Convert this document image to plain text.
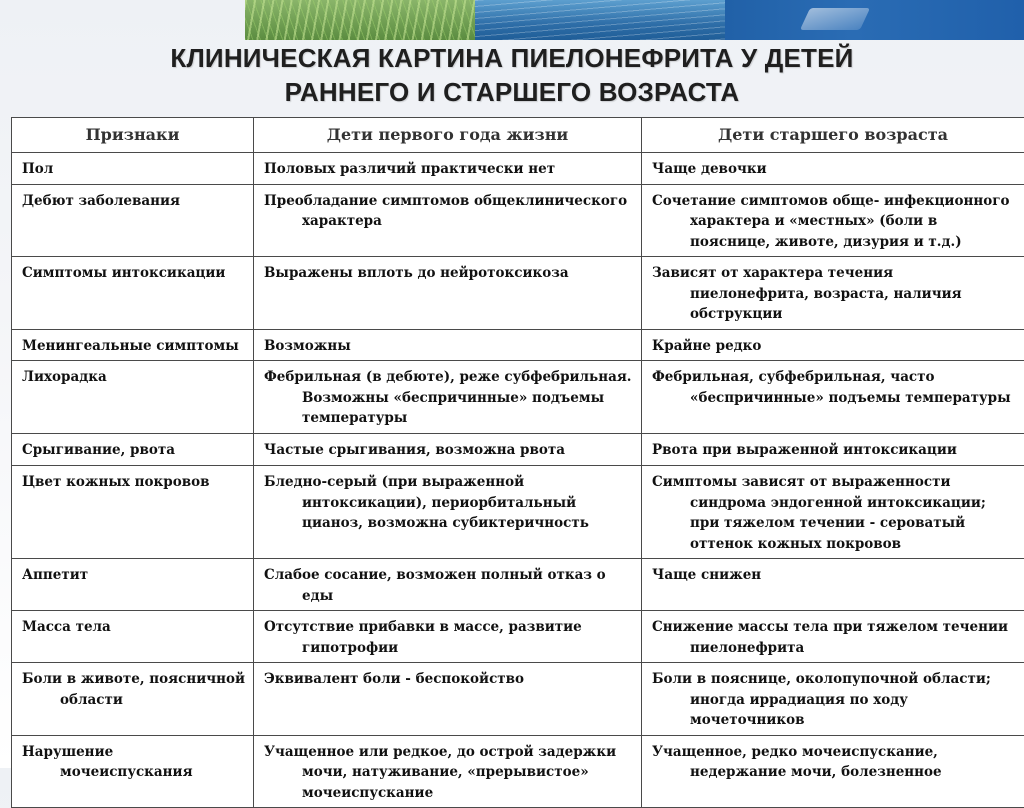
КЛИНИЧЕСКАЯ КАРТИНА ПИЕЛОНЕФРИТА У ДЕТЕЙ
РАННЕГО И СТАРШЕГО ВОЗРАСТА
Признаки	Дети первого года жизни	Дети старшего возраста

Пол	Половых различий практически нет	Чаще девочки

Дебют заболевания	Преобладание симптомов общеклинического характера	Сочетание симптомов обще- инфекционного характера и «местных» (боли в пояснице, животе, дизурия и т.д.)

Симптомы интоксикации	Выражены вплоть до нейротоксикоза	Зависят от характера течения пиелонефрита, возраста, наличия обструкции

Менингеальные симптомы	Возможны	Крайне редко

Лихорадка	Фебрильная (в дебюте), реже субфебрильная. Возможны «беспричинные» подъемы температуры	Фебрильная, субфебрильная, часто «беспричинные» подъемы температуры

Срыгивание, рвота	Частые срыгивания, возможна рвота	Рвота при выраженной интоксикации

Цвет кожных покровов	Бледно-серый (при выраженной интоксикации), периорбитальный цианоз, возможна субиктеричность	Симптомы зависят от выраженности синдрома эндогенной интоксикации; при тяжелом течении - сероватый оттенок кожных покровов

Аппетит	Слабое сосание, возможен полный отказ о еды	Чаще снижен

Масса тела	Отсутствие прибавки в массе, развитие гипотрофии	Снижение массы тела при тяжелом течении пиелонефрита

Боли в животе, поясничной области	Эквивалент боли - беспокойство	Боли в пояснице, околопупочной области; иногда иррадиация по ходу мочеточников

Нарушение мочеиспускания	Учащенное или редкое, до острой задержки мочи, натуживание, «прерывистое» мочеиспускание	Учащенное, редко мочеиспускание, недержание мочи, болезненное
